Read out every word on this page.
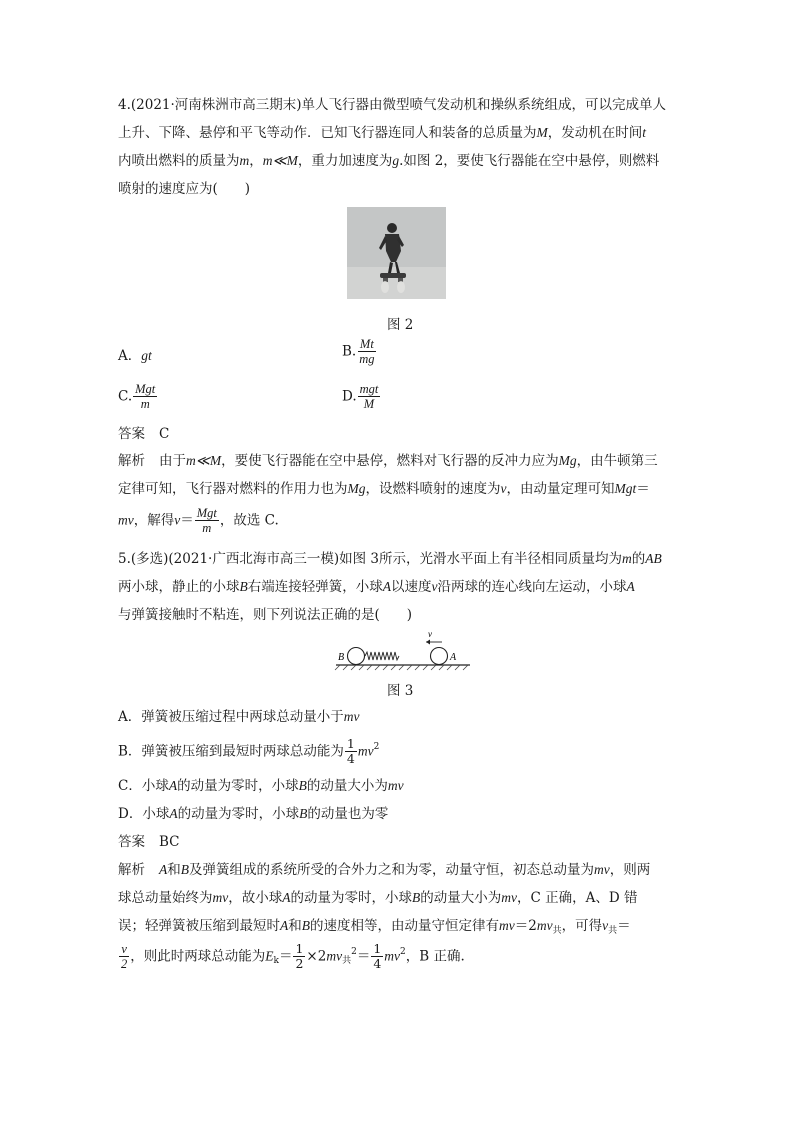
4.(2021·河南株洲市高三期末)单人飞行器由微型喷气发动机和操纵系统组成，可以完成单人
上升、下降、悬停和平飞等动作．已知飞行器连同人和装备的总质量为M，发动机在时间t
内喷出燃料的质量为m，m≪M，重力加速度为g.如图 2，要使飞行器能在空中悬停，则燃料
喷射的速度应为(　　)
图 2
A．gt	B. $\frac{Mt}{mg}$
C. $\frac{\text{Mgt}}{m}$	D. $\frac{\text{mgt}}{M}$
答案 C
解析 由于m≪M，要使飞行器能在空中悬停，燃料对飞行器的反冲力应为Mg，由牛顿第三
定律可知，飞行器对燃料的作用力也为Mg，设燃料喷射的速度为v，由动量定理可知Mgt＝
mv，解得$v= \frac{\text{Mgt}}{m}$ ，故选 C.
5.(多选)(2021·广西北海市高三一模)如图 3所示，光滑水平面上有半径相同质量均为m的AB
两小球，静止的小球B右端连接轻弹簧，小球A以速度v沿两球的连心线向左运动，小球A
与弹簧接触时不粘连，则下列说法正确的是(　　)
B	A
v
图 3
A．弹簧被压缩过程中两球总动量小于mv
B．弹簧被压缩到最短时两球总动能为 $\frac{1}{4} mv^2$
C．小球A的动量为零时，小球B的动量大小为mv
D．小球A的动量为零时，小球B的动量也为零
答案 BC
解析 A和B及弹簧组成的系统所受的合外力之和为零，动量守恒，初态总动量为mv，则两
球总动量始终为mv，故小球A的动量为零时，小球B的动量大小为mv，C 正确，A、D 错
误；轻弹簧被压缩到最短时A和B的速度相等，由动量守恒定律有$mv=2mv_共$，可得$v_共=$
$\frac{v}{2}$ ，则此时两球总动能为$E_k= \frac{1}{2} \times 2mv_共^2= \frac{1}{4} mv^2$，B 正确.
